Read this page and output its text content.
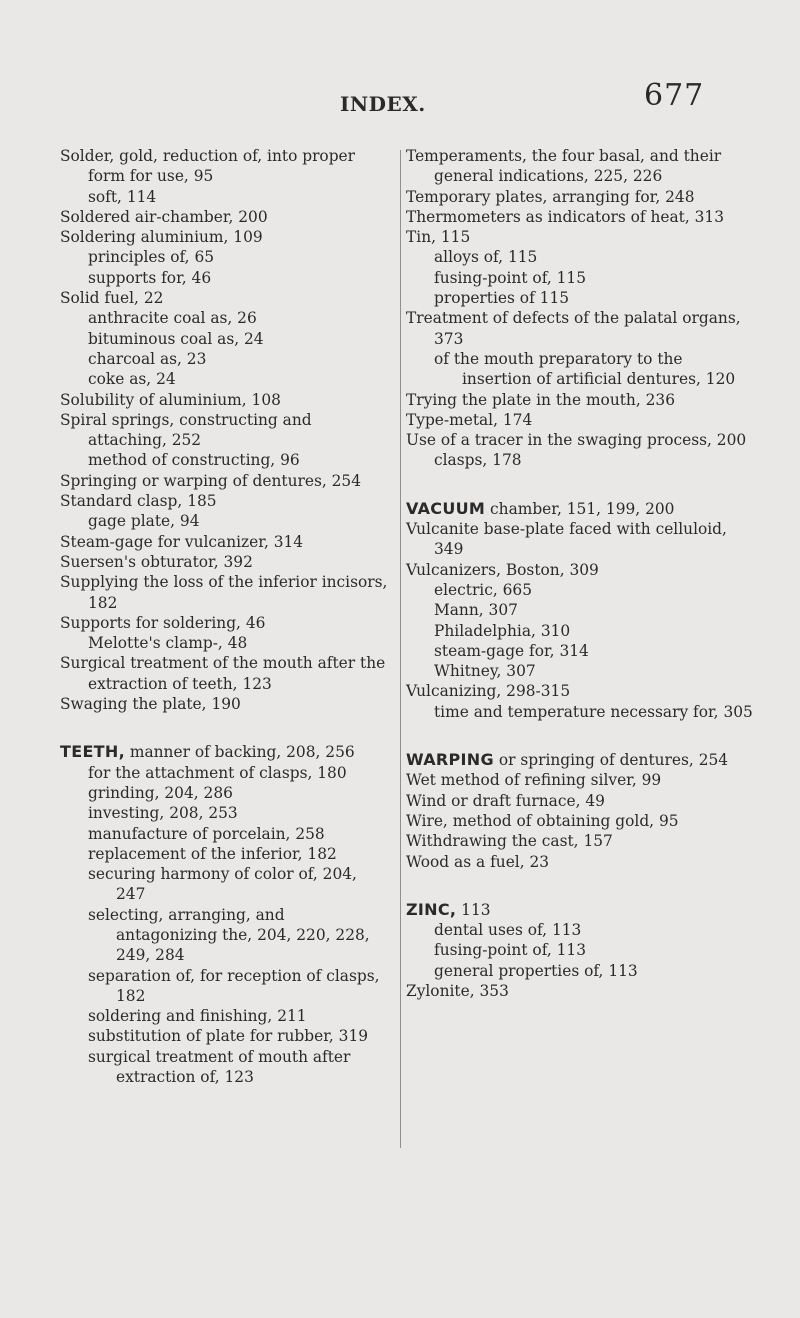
INDEX.	677
Solder, gold, reduction of, into proper form for use, 95
soft, 114
Soldered air-chamber, 200
Soldering aluminium, 109
principles of, 65
supports for, 46
Solid fuel, 22
anthracite coal as, 26
bituminous coal as, 24
charcoal as, 23
coke as, 24
Solubility of aluminium, 108
Spiral springs, constructing and attaching, 252
method of constructing, 96
Springing or warping of dentures, 254
Standard clasp, 185
gage plate, 94
Steam-gage for vulcanizer, 314
Suersen's obturator, 392
Supplying the loss of the inferior incisors, 182
Supports for soldering, 46
Melotte's clamp-, 48
Surgical treatment of the mouth after the extraction of teeth, 123
Swaging the plate, 190
TEETH, manner of backing, 208, 256
for the attachment of clasps, 180
grinding, 204, 286
investing, 208, 253
manufacture of porcelain, 258
replacement of the inferior, 182
securing harmony of color of, 204, 247
selecting, arranging, and antagonizing the, 204, 220, 228, 249, 284
separation of, for reception of clasps, 182
soldering and finishing, 211
substitution of plate for rubber, 319
surgical treatment of mouth after extraction of, 123
Temperaments, the four basal, and their general indications, 225, 226
Temporary plates, arranging for, 248
Thermometers as indicators of heat, 313
Tin, 115
alloys of, 115
fusing-point of, 115
properties of 115
Treatment of defects of the palatal organs, 373
of the mouth preparatory to the insertion of artificial dentures, 120
Trying the plate in the mouth, 236
Type-metal, 174
Use of a tracer in the swaging process, 200
clasps, 178
VACUUM chamber, 151, 199, 200
Vulcanite base-plate faced with celluloid, 349
Vulcanizers, Boston, 309
electric, 665
Mann, 307
Philadelphia, 310
steam-gage for, 314
Whitney, 307
Vulcanizing, 298-315
time and temperature necessary for, 305
WARPING or springing of dentures, 254
Wet method of refining silver, 99
Wind or draft furnace, 49
Wire, method of obtaining gold, 95
Withdrawing the cast, 157
Wood as a fuel, 23
ZINC, 113
dental uses of, 113
fusing-point of, 113
general properties of, 113
Zylonite, 353
